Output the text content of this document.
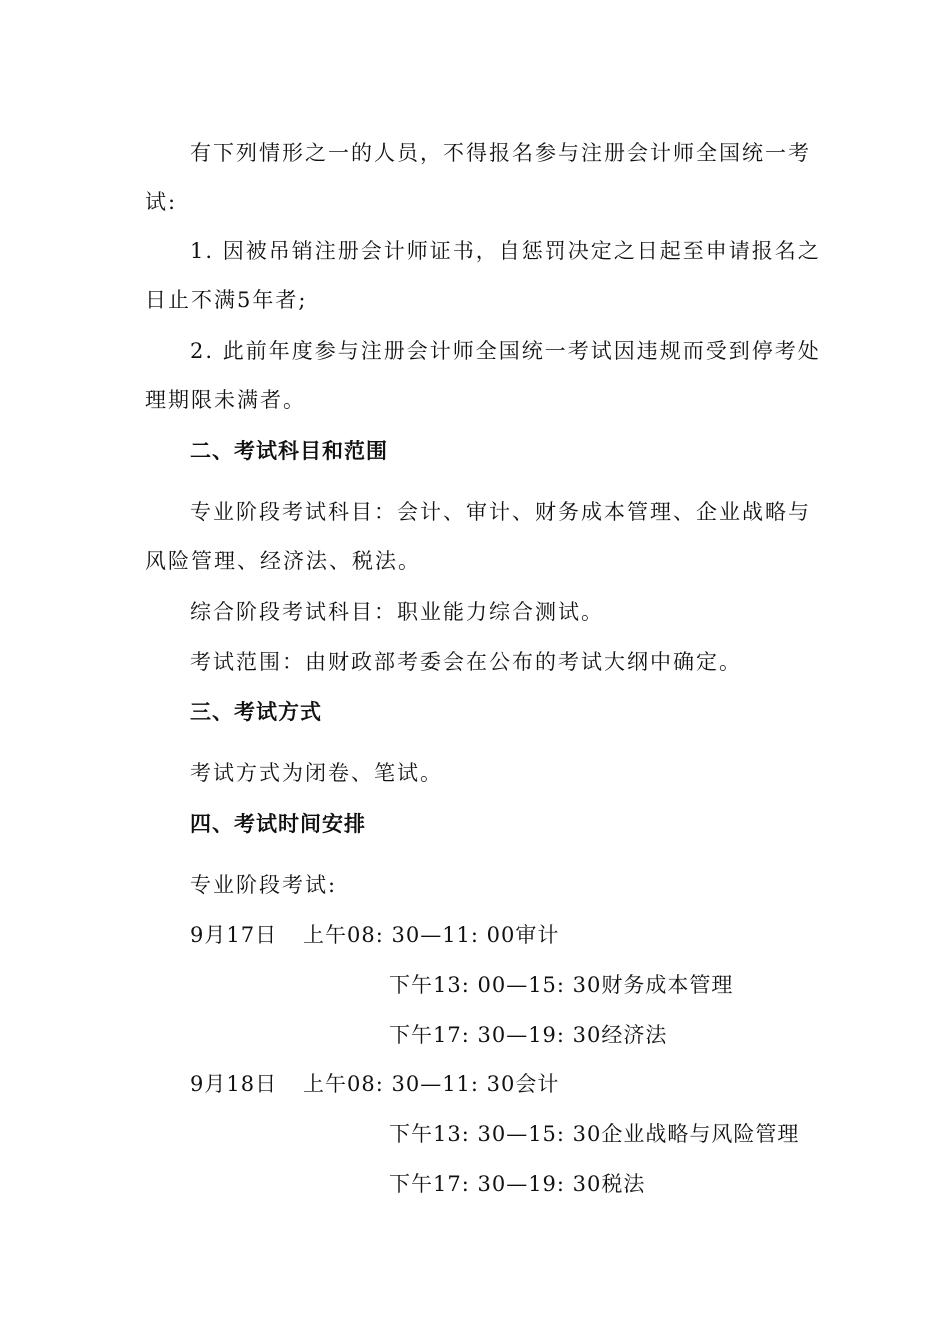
有下列情形之一的人员，不得报名参与注册会计师全国统一考
试:
1. 因被吊销注册会计师证书，自惩罚决定之日起至申请报名之
日止不满5年者;
2. 此前年度参与注册会计师全国统一考试因违规而受到停考处
理期限未满者。
二、考试科目和范围
专业阶段考试科目：会计、审计、财务成本管理、企业战略与
风险管理、经济法、税法。
综合阶段考试科目：职业能力综合测试。
考试范围：由财政部考委会在公布的考试大纲中确定。
三、考试方式
考试方式为闭卷、笔试。
四、考试时间安排
专业阶段考试:
9月17日 上午08: 30—11: 00审计
下午13: 00—15: 30财务成本管理
下午17: 30—19: 30经济法
9月18日 上午08: 30—11: 30会计
下午13: 30—15: 30企业战略与风险管理
下午17: 30—19: 30税法
